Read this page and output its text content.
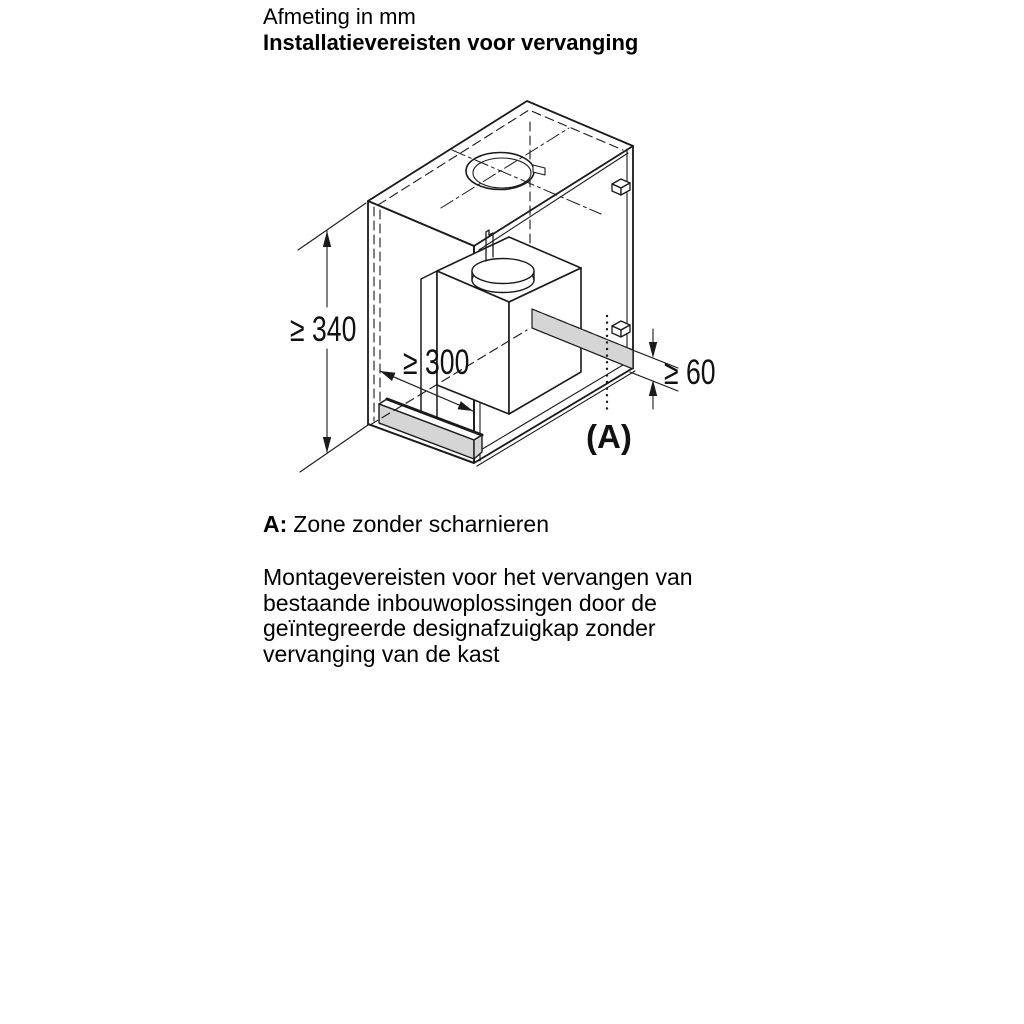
Afmeting in mm
Installatievereisten voor vervanging
≥ 340
≥ 300	≥ 60
(A)
A: Zone zonder scharnieren
Montagevereisten voor het vervangen van
bestaande inbouwoplossingen door de
geïntegreerde designafzuigkap zonder
vervanging van de kast
